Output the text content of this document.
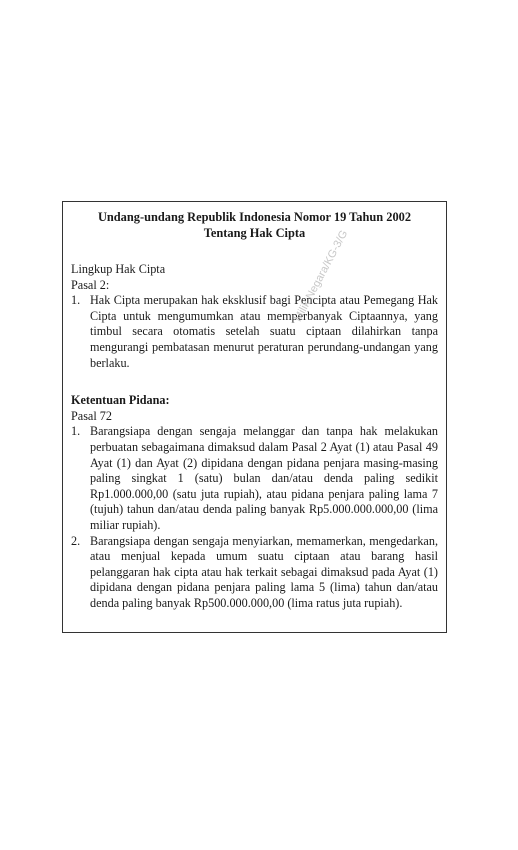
Undang-undang Republik Indonesia Nomor 19 Tahun 2002

Tentang Hak Cipta

Lingkup Hak Cipta

Pasal 2:

1. Hak Cipta merupakan hak eksklusif bagi Pencipta atau Pemegang Hak Cipta untuk mengumumkan atau memperbanyak Ciptaannya, yang timbul secara otomatis setelah suatu ciptaan dilahirkan tanpa mengurangi pembatasan menurut peraturan perundang-undangan yang berlaku.

Ketentuan Pidana:

Pasal 72

1. Barangsiapa dengan sengaja melanggar dan tanpa hak melakukan perbuatan sebagaimana dimaksud dalam Pasal 2 Ayat (1) atau Pasal 49 Ayat (1) dan Ayat (2) dipidana dengan pidana penjara masing-masing paling singkat 1 (satu) bulan dan/atau denda paling sedikit Rp1.000.000,00 (satu juta rupiah), atau pidana penjara paling lama 7 (tujuh) tahun dan/atau denda paling banyak Rp5.000.000.000,00 (lima miliar rupiah).
2. Barangsiapa dengan sengaja menyiarkan, memamerkan, mengedarkan, atau menjual kepada umum suatu ciptaan atau barang hasil pelanggaran hak cipta atau hak terkait sebagai dimaksud pada Ayat (1) dipidana dengan pidana penjara paling lama 5 (lima) tahun dan/atau denda paling banyak Rp500.000.000,00 (lima ratus juta rupiah).
Milik Negara/KG-3/G
